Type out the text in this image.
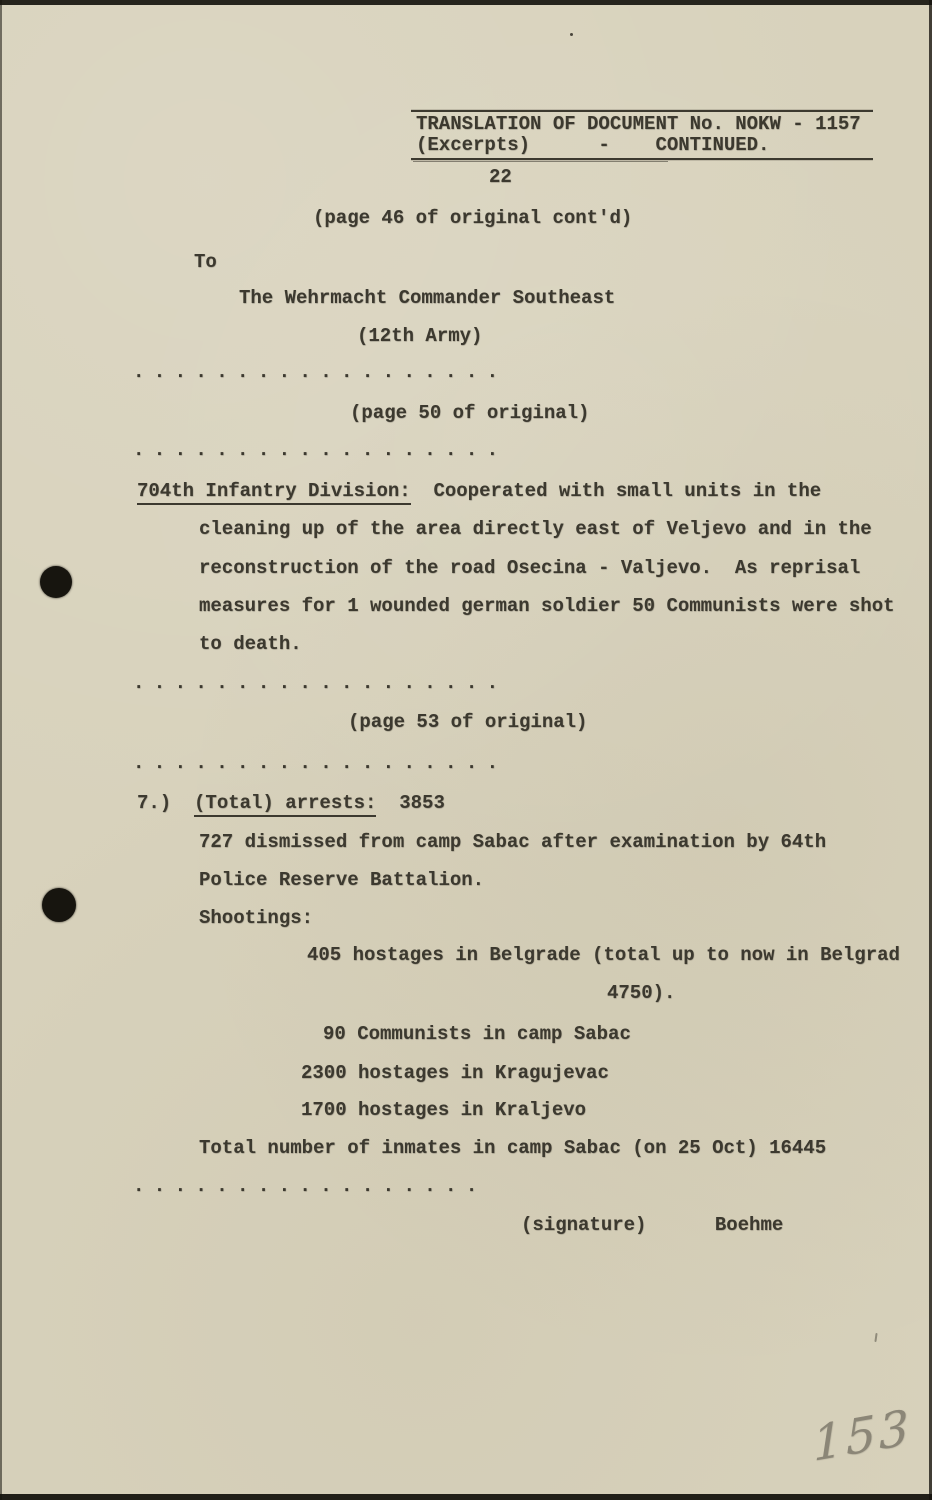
TRANSLATION OF DOCUMENT No. NOKW - 1157
(Excerpts)      -    CONTINUED.
22
(page 46 of original cont'd)
To
The Wehrmacht Commander Southeast
(12th Army)
. . . . . . . . . . . . . . . . . .
(page 50 of original)
. . . . . . . . . . . . . . . . . .
704th Infantry Division:  Cooperated with small units in the
cleaning up of the area directly east of Veljevo and in the
reconstruction of the road Osecina - Valjevo.  As reprisal
measures for 1 wounded german soldier 50 Communists were shot
to death.
. . . . . . . . . . . . . . . . . .
(page 53 of original)
. . . . . . . . . . . . . . . . . .
7.)  (Total) arrests:  3853
727 dismissed from camp Sabac after examination by 64th
Police Reserve Battalion.
Shootings:
405 hostages in Belgrade (total up to now in Belgrad
4750).
90 Communists in camp Sabac
2300 hostages in Kragujevac
1700 hostages in Kraljevo
Total number of inmates in camp Sabac (on 25 Oct) 16445
. . . . . . . . . . . . . . . . .
(signature)      Boehme
153
